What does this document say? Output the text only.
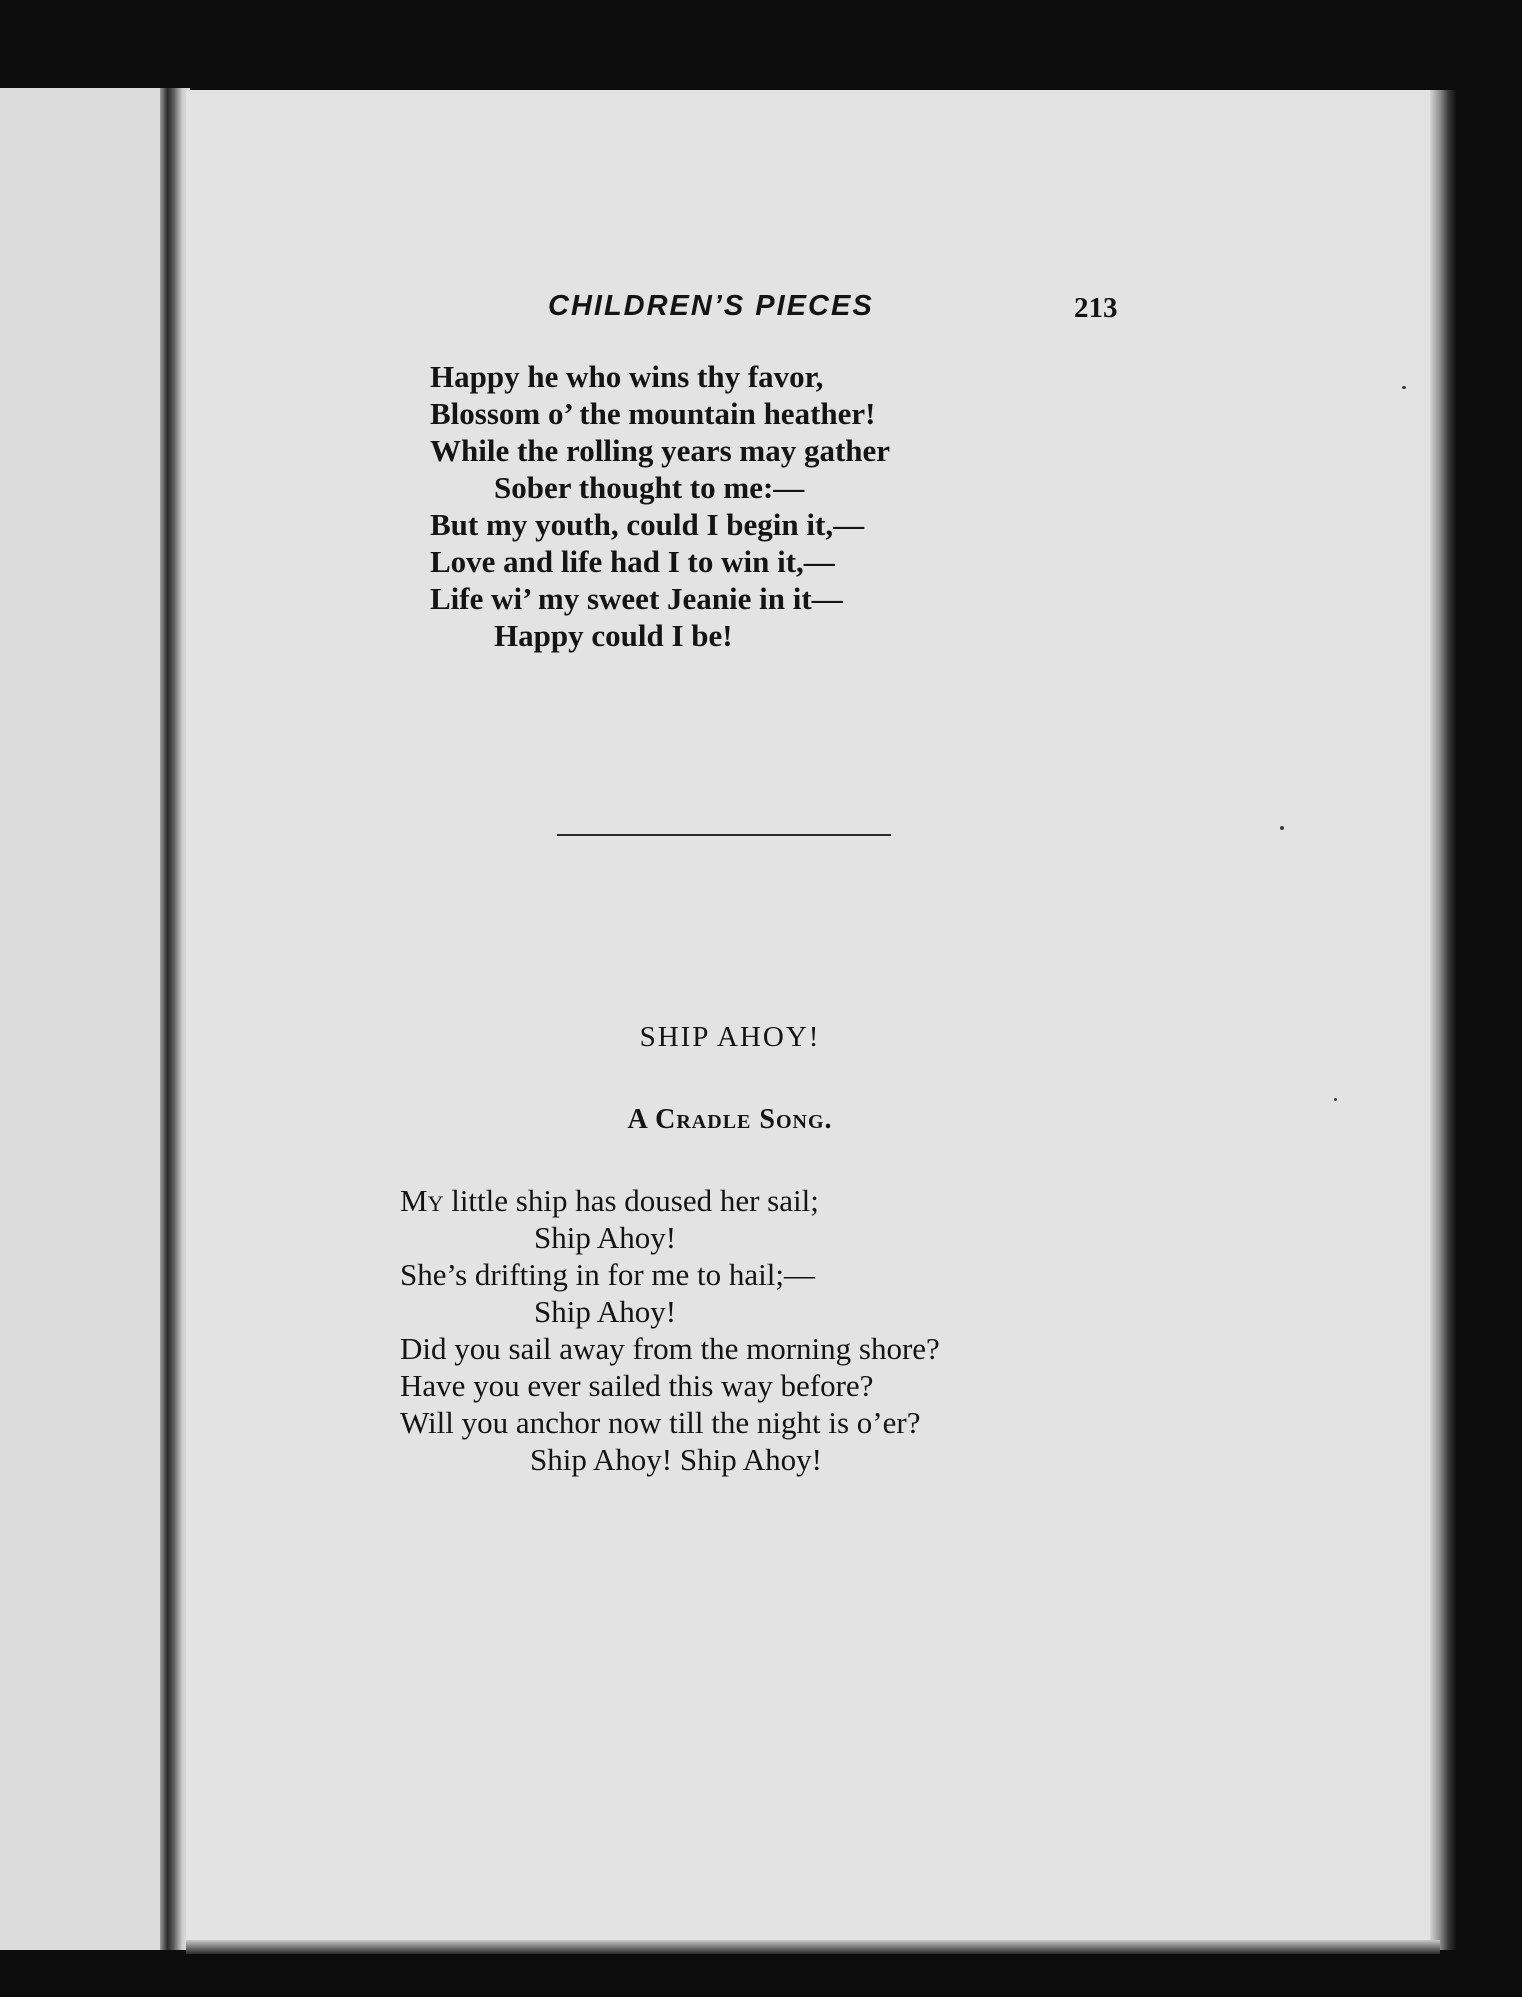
CHILDREN’S PIECES	213
Happy he who wins thy favor,
Blossom o’ the mountain heather!
While the rolling years may gather
Sober thought to me:—
But my youth, could I begin it,—
Love and life had I to win it,—
Life wi’ my sweet Jeanie in it—
Happy could I be!
SHIP AHOY!
A Cradle Song.
My little ship has doused her sail;
Ship Ahoy!
She’s drifting in for me to hail;—
Ship Ahoy!
Did you sail away from the morning shore?
Have you ever sailed this way before?
Will you anchor now till the night is o’er?
Ship Ahoy! Ship Ahoy!
